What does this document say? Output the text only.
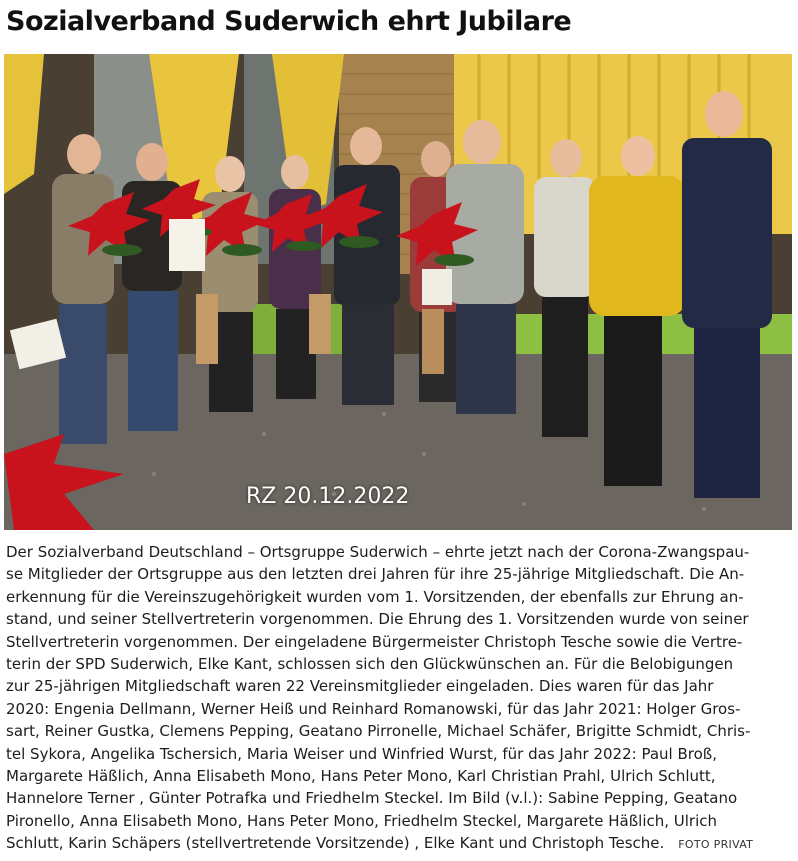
Sozialverband Suderwich ehrt Jubilare
RZ 20.12.2022
Der Sozialverband Deutschland – Ortsgruppe Suderwich – ehrte jetzt nach der Corona-Zwangspau-
se Mitglieder der Ortsgruppe aus den letzten drei Jahren für ihre 25-jährige Mitgliedschaft. Die An-
erkennung für die Vereinszugehörigkeit wurden vom 1. Vorsitzenden, der ebenfalls zur Ehrung an-
stand, und seiner Stellvertreterin vorgenommen. Die Ehrung des 1. Vorsitzenden wurde von seiner
Stellvertreterin vorgenommen. Der eingeladene Bürgermeister Christoph Tesche sowie die Vertre-
terin der SPD Suderwich, Elke Kant, schlossen sich den Glückwünschen an. Für die Belobigungen
zur 25-jährigen Mitgliedschaft waren 22 Vereinsmitglieder eingeladen. Dies waren für das Jahr
2020: Engenia Dellmann, Werner Heiß und Reinhard Romanowski, für das Jahr 2021: Holger Gros-
sart, Reiner Gustka, Clemens Pepping, Geatano Pirronelle, Michael Schäfer, Brigitte Schmidt, Chris-
tel Sykora, Angelika Tschersich, Maria Weiser und Winfried Wurst, für das Jahr 2022: Paul Broß,
Margarete Häßlich, Anna Elisabeth Mono, Hans Peter Mono, Karl Christian Prahl, Ulrich Schlutt,
Hannelore Terner , Günter Potrafka und Friedhelm Steckel. Im Bild (v.l.): Sabine Pepping, Geatano
Pironello, Anna Elisabeth Mono, Hans Peter Mono, Friedhelm Steckel, Margarete Häßlich, Ulrich
Schlutt, Karin Schäpers (stellvertretende Vorsitzende) , Elke Kant und Christoph Tesche. FOTO PRIVAT
